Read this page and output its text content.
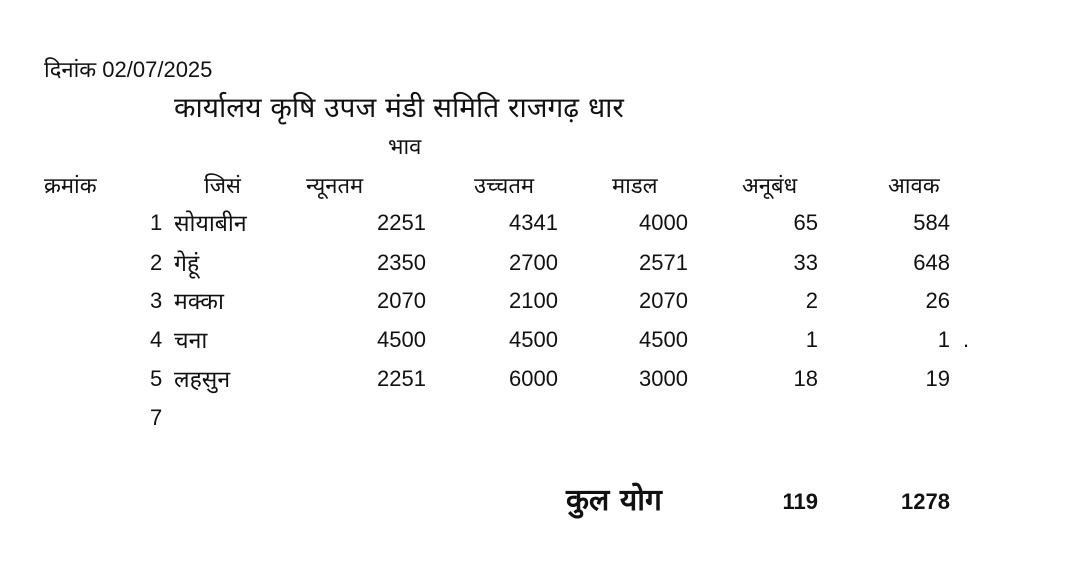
दिनांक 02/07/2025
कार्यालय कृषि उपज मंडी समिति राजगढ़ धार
भाव
क्रमांक	जिसं	न्यूनतम	उच्चतम	माडल	अनूबंध	आवक
1 सोयाबीन	2251	4341	4000	65	584
2 गेहूं	2350	2700	2571	33	648
3 मक्का	2070	2100	2070	2	26
4 चना	4500	4500	4500	1	1 .
5 लहसुन	2251	6000	3000	18	19
7
कुल योग	119	1278
